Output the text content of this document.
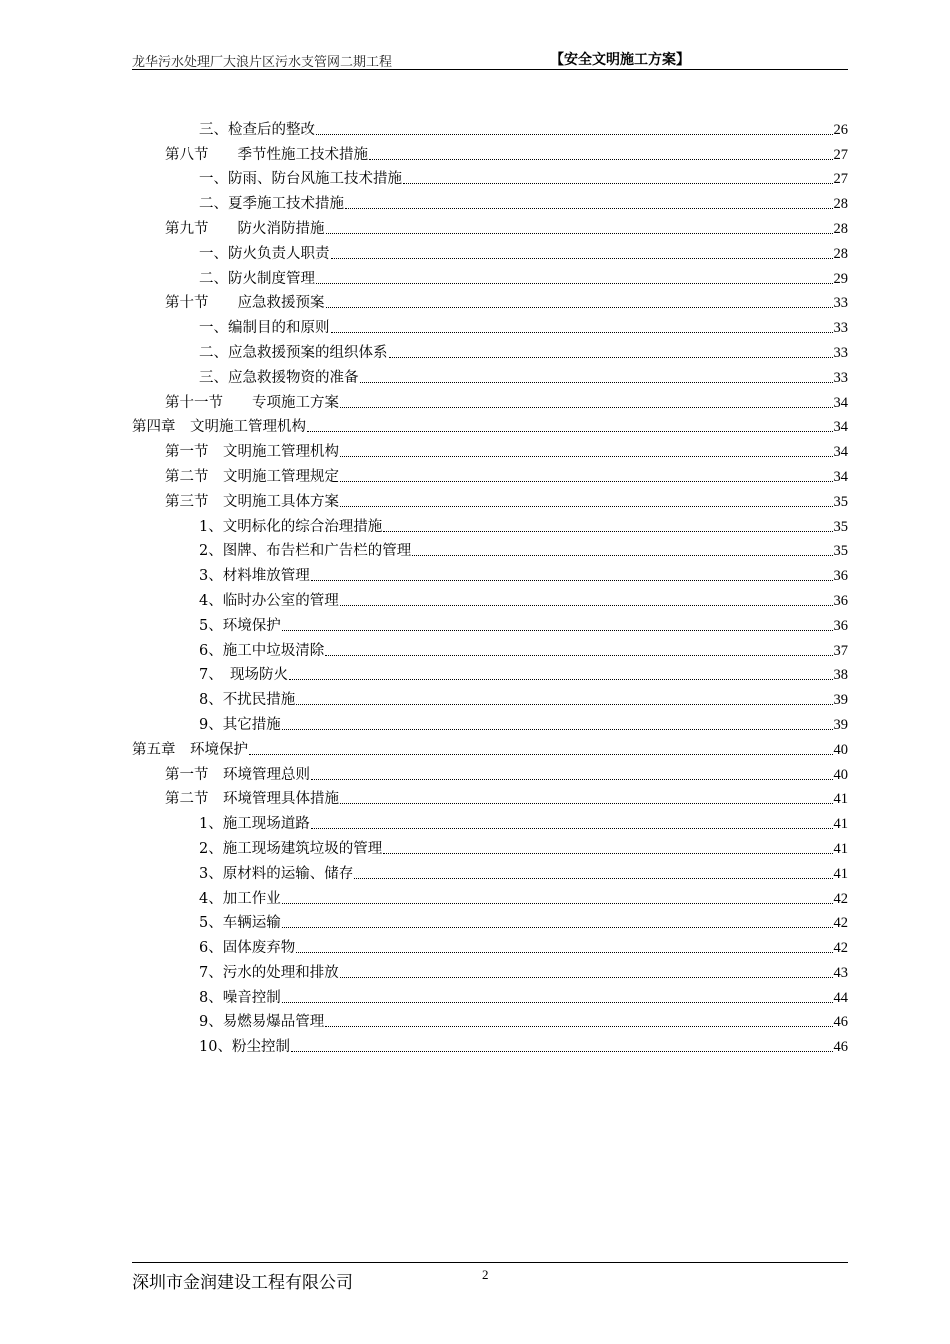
龙华污水处理厂大浪片区污水支管网二期工程	【安全文明施工方案】
三、检查后的整改	26
第八节　　季节性施工技术措施	27
一、防雨、防台风施工技术措施	27
二、夏季施工技术措施	28
第九节　　防火消防措施	28
一、防火负责人职责	28
二、防火制度管理	29
第十节　　应急救援预案	33
一、编制目的和原则	33
二、应急救援预案的组织体系	33
三、应急救援物资的准备	33
第十一节　　专项施工方案	34
第四章　文明施工管理机构	34
第一节　文明施工管理机构	34
第二节　文明施工管理规定	34
第三节　文明施工具体方案	35
1、文明标化的综合治理措施	35
2、图牌、布告栏和广告栏的管理	35
3、材料堆放管理	36
4、临时办公室的管理	36
5、环境保护	36
6、施工中垃圾清除	37
7、　现场防火	38
8、不扰民措施	39
9、其它措施	39
第五章　环境保护	40
第一节　环境管理总则	40
第二节　环境管理具体措施	41
1、施工现场道路	41
2、施工现场建筑垃圾的管理	41
3、原材料的运输、储存	41
4、加工作业	42
5、车辆运输	42
6、固体废弃物	42
7、污水的处理和排放	43
8、噪音控制	44
9、易燃易爆品管理	46
10、粉尘控制	46
深圳市金润建设工程有限公司	2
